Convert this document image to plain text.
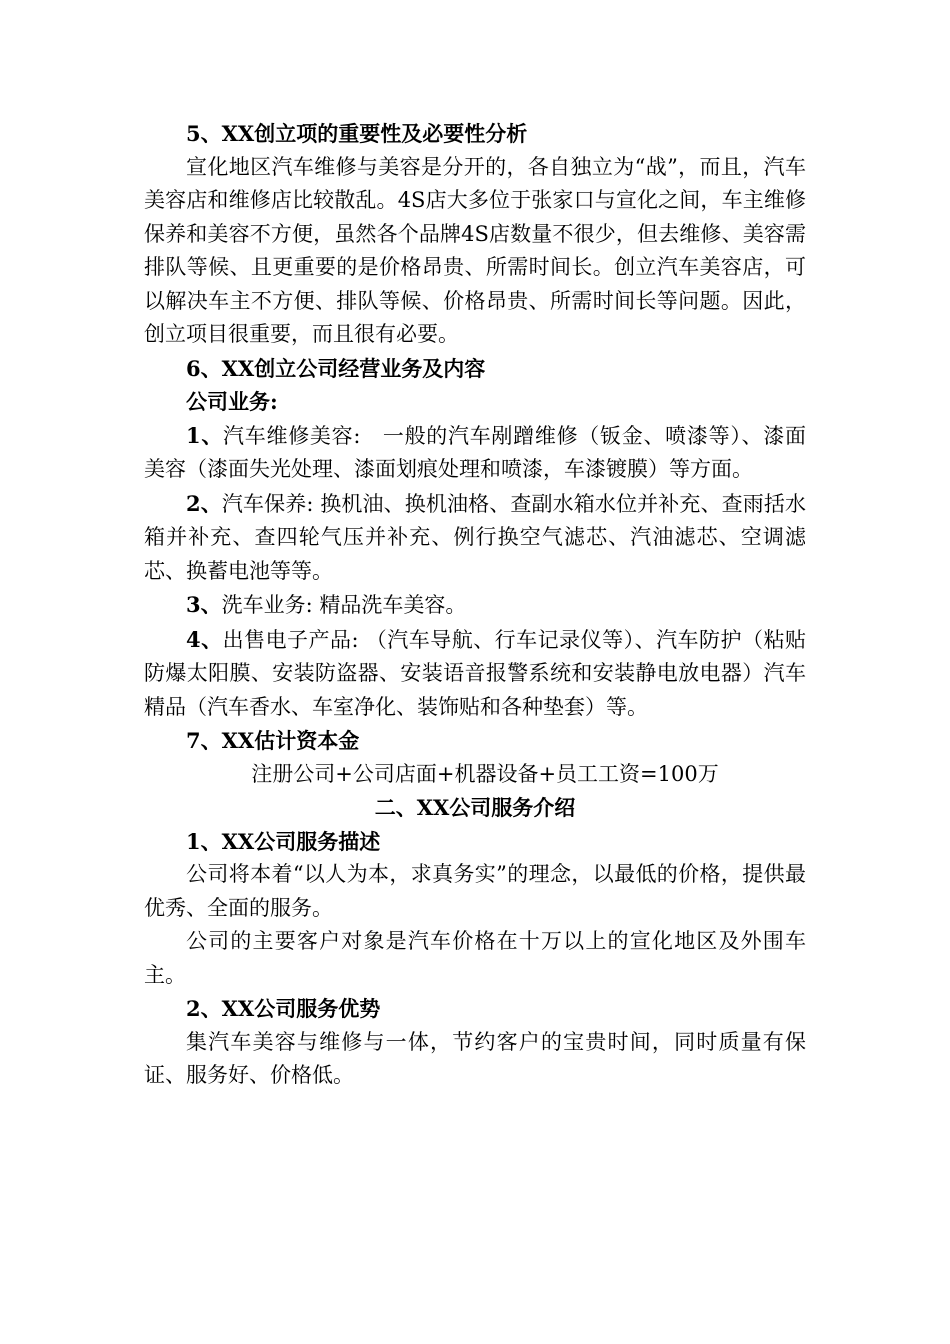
5、XX创立项的重要性及必要性分析

宣化地区汽车维修与美容是分开的，各自独立为“战”，而且，汽车美容店和维修店比较散乱。4S店大多位于张家口与宣化之间，车主维修保养和美容不方便，虽然各个品牌4S店数量不很少，但去维修、美容需排队等候、且更重要的是价格昂贵、所需时间长。创立汽车美容店，可以解决车主不方便、排队等候、价格昂贵、所需时间长等问题。因此，创立项目很重要，而且很有必要。

6、XX创立公司经营业务及内容

公司业务:

1、汽车维修美容:　一般的汽车剐蹭维修（钣金、喷漆等）、漆面美容（漆面失光处理、漆面划痕处理和喷漆，车漆镀膜）等方面。

2、汽车保养: 换机油、换机油格、查副水箱水位并补充、查雨括水箱并补充、查四轮气压并补充、例行换空气滤芯、汽油滤芯、空调滤芯、换蓄电池等等。

3、洗车业务: 精品洗车美容。

4、出售电子产品: （汽车导航、行车记录仪等）、汽车防护（粘贴防爆太阳膜、安装防盗器、安装语音报警系统和安装静电放电器）汽车精品（汽车香水、车室净化、装饰贴和各种垫套）等。

7、XX估计资本金

注册公司+公司店面+机器设备+员工工资=100万

二、XX公司服务介绍

1、XX公司服务描述

公司将本着“以人为本，求真务实”的理念，以最低的价格，提供最优秀、全面的服务。

公司的主要客户对象是汽车价格在十万以上的宣化地区及外围车主。

2、XX公司服务优势

集汽车美容与维修与一体，节约客户的宝贵时间，同时质量有保证、服务好、价格低。
